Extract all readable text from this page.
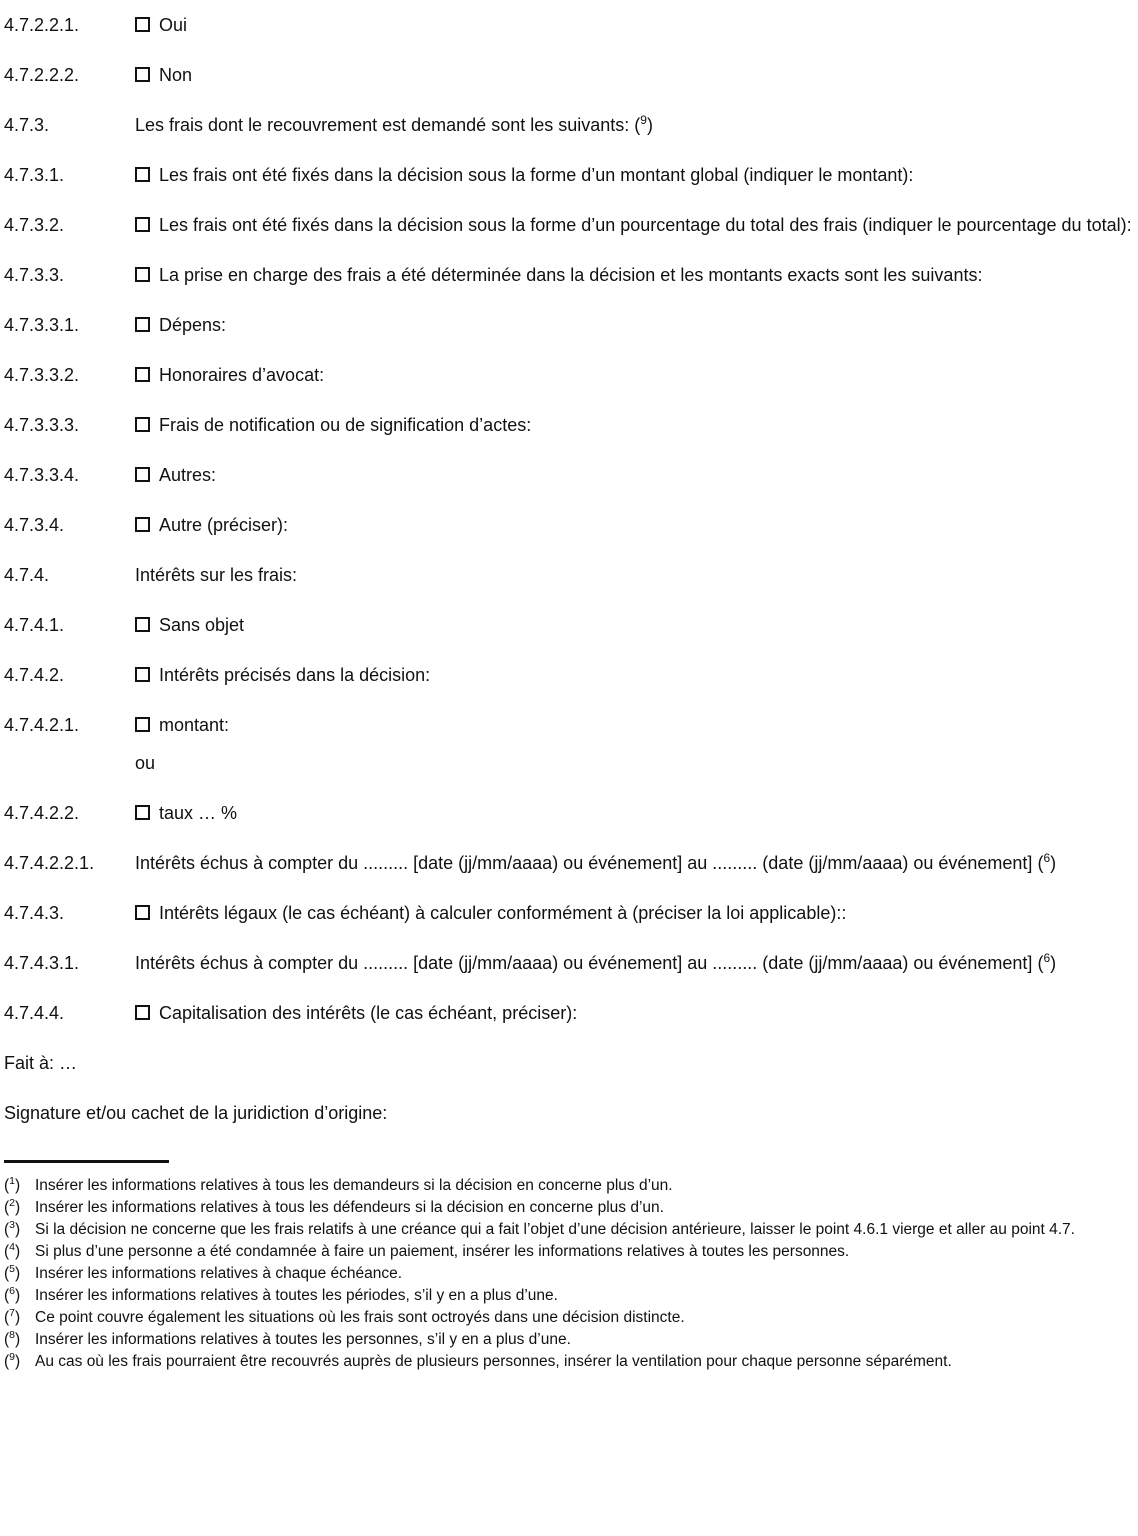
4.7.2.2.1.	Oui
4.7.2.2.2.	Non
4.7.3.	Les frais dont le recouvrement est demandé sont les suivants: ($^9$)
4.7.3.1.	Les frais ont été fixés dans la décision sous la forme d’un montant global (indiquer le montant):
4.7.3.2.	Les frais ont été fixés dans la décision sous la forme d’un pourcentage du total des frais (indiquer le pourcentage du total):
4.7.3.3.	La prise en charge des frais a été déterminée dans la décision et les montants exacts sont les suivants:
4.7.3.3.1.	Dépens:
4.7.3.3.2.	Honoraires d’avocat:
4.7.3.3.3.	Frais de notification ou de signification d’actes:
4.7.3.3.4.	Autres:
4.7.3.4.	Autre (préciser):
4.7.4.	Intérêts sur les frais:
4.7.4.1.	Sans objet
4.7.4.2.	Intérêts précisés dans la décision:
4.7.4.2.1.	montant:
ou
4.7.4.2.2.	taux … %
4.7.4.2.2.1.	Intérêts échus à compter du ......... [date (jj/mm/aaaa) ou événement] au ......... (date (jj/mm/aaaa) ou événement] ($^6$)
4.7.4.3.	Intérêts légaux (le cas échéant) à calculer conformément à (préciser la loi applicable)::
4.7.4.3.1.	Intérêts échus à compter du ......... [date (jj/mm/aaaa) ou événement] au ......... (date (jj/mm/aaaa) ou événement] ($^6$)
4.7.4.4.	Capitalisation des intérêts (le cas échéant, préciser):
Fait à: …
Signature et/ou cachet de la juridiction d’origine:
($^1$) Insérer les informations relatives à tous les demandeurs si la décision en concerne plus d’un.
($^2$) Insérer les informations relatives à tous les défendeurs si la décision en concerne plus d’un.
($^3$) Si la décision ne concerne que les frais relatifs à une créance qui a fait l’objet d’une décision antérieure, laisser le point 4.6.1 vierge et aller au point 4.7.
($^4$) Si plus d’une personne a été condamnée à faire un paiement, insérer les informations relatives à toutes les personnes.
($^5$) Insérer les informations relatives à chaque échéance.
($^6$) Insérer les informations relatives à toutes les périodes, s’il y en a plus d’une.
($^7$) Ce point couvre également les situations où les frais sont octroyés dans une décision distincte.
($^8$) Insérer les informations relatives à toutes les personnes, s’il y en a plus d’une.
($^9$) Au cas où les frais pourraient être recouvrés auprès de plusieurs personnes, insérer la ventilation pour chaque personne séparément.
